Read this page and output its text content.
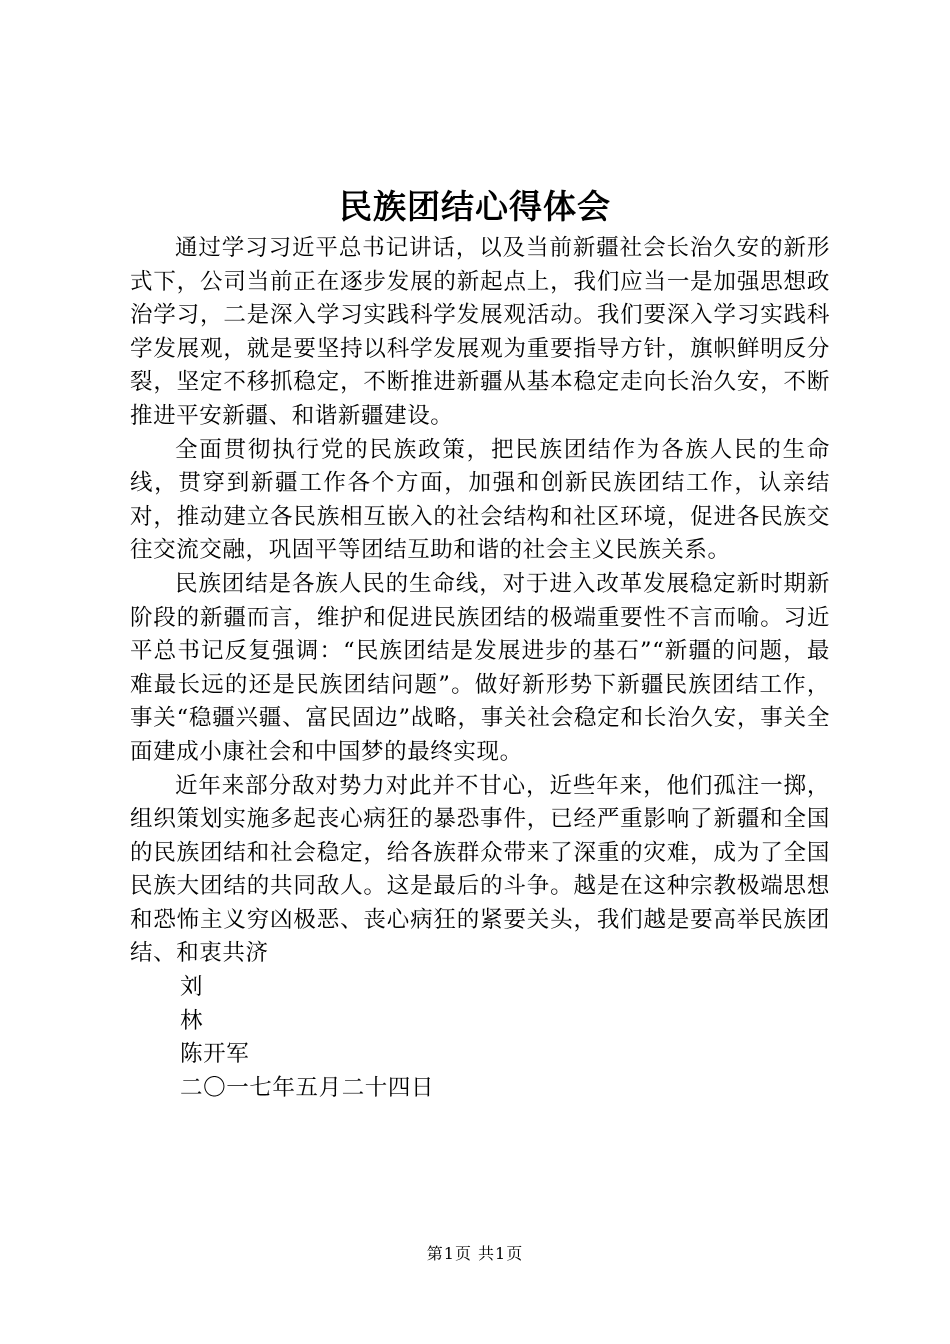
民族团结心得体会

通过学习习近平总书记讲话，以及当前新疆社会长治久安的新形式下，公司当前正在逐步发展的新起点上，我们应当一是加强思想政治学习，二是深入学习实践科学发展观活动。我们要深入学习实践科学发展观，就是要坚持以科学发展观为重要指导方针，旗帜鲜明反分裂，坚定不移抓稳定，不断推进新疆从基本稳定走向长治久安，不断推进平安新疆、和谐新疆建设。

全面贯彻执行党的民族政策，把民族团结作为各族人民的生命线，贯穿到新疆工作各个方面，加强和创新民族团结工作，认亲结对，推动建立各民族相互嵌入的社会结构和社区环境，促进各民族交往交流交融，巩固平等团结互助和谐的社会主义民族关系。

民族团结是各族人民的生命线，对于进入改革发展稳定新时期新阶段的新疆而言，维护和促进民族团结的极端重要性不言而喻。习近平总书记反复强调：“民族团结是发展进步的基石”“新疆的问题，最难最长远的还是民族团结问题”。做好新形势下新疆民族团结工作，事关“稳疆兴疆、富民固边”战略，事关社会稳定和长治久安，事关全面建成小康社会和中国梦的最终实现。

近年来部分敌对势力对此并不甘心，近些年来，他们孤注一掷，组织策划实施多起丧心病狂的暴恐事件，已经严重影响了新疆和全国的民族团结和社会稳定，给各族群众带来了深重的灾难，成为了全国民族大团结的共同敌人。这是最后的斗争。越是在这种宗教极端思想和恐怖主义穷凶极恶、丧心病狂的紧要关头，我们越是要高举民族团结、和衷共济

刘
林
陈开军
二〇一七年五月二十四日
第1页 共1页
